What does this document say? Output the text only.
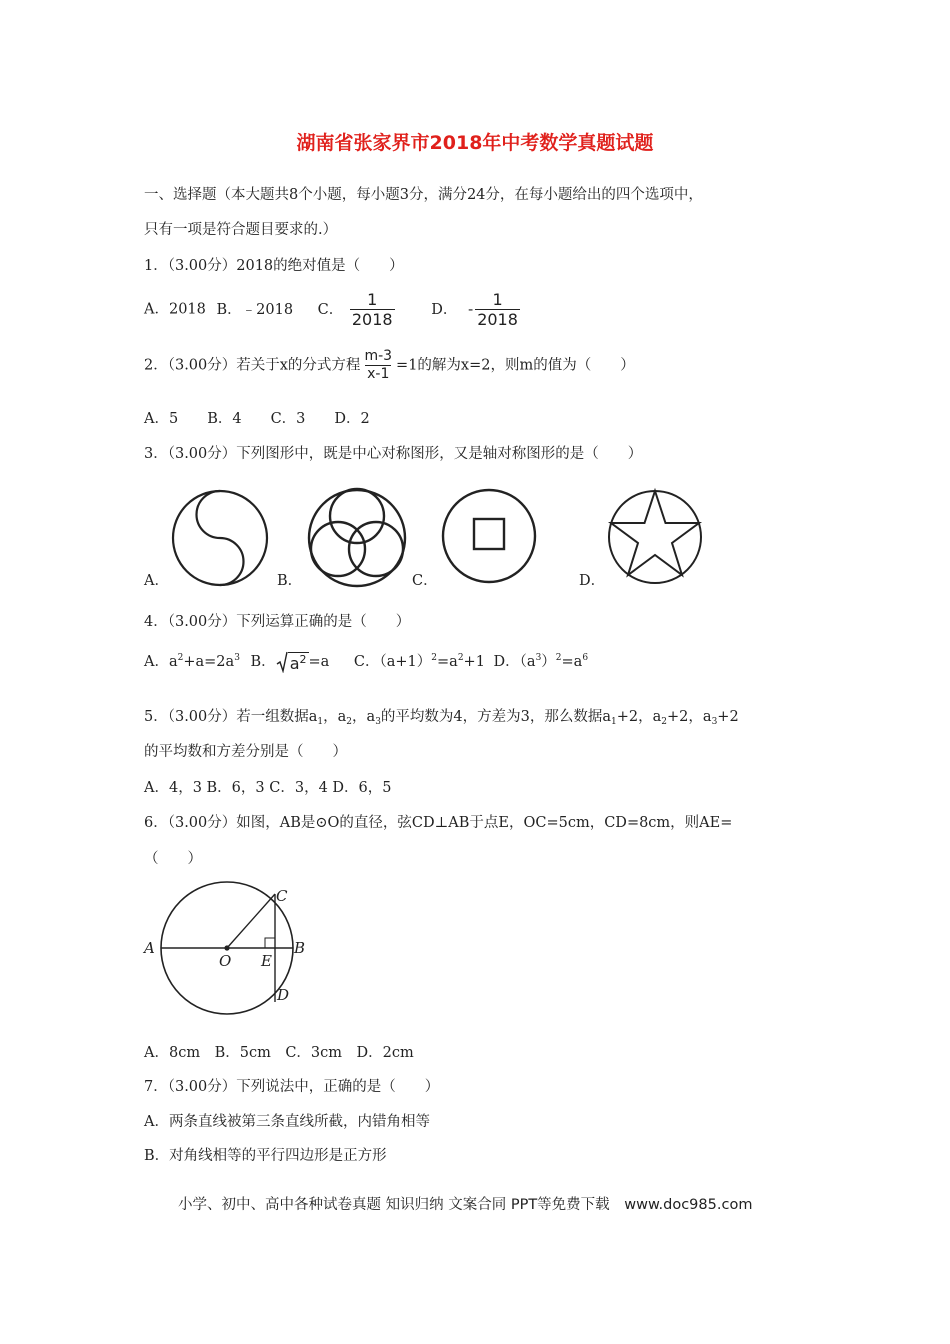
湖南省张家界市2018年中考数学真题试题
一、选择题（本大题共8个小题，每小题3分，满分24分，在每小题给出的四个选项中，
只有一项是符合题目要求的.）
1．（3.00分）2018的绝对值是（　　）
A．2018 B．﹣2018 C． $\frac{1}{2018}$	D． - $\frac{1}{2018}$
2．（3.00分）若关于x的分式方程 $\frac{m-3}{x-1} =1$的解为x=2，则m的值为（　　）
A．5　　B．4　　C．3　　D．2
3．（3.00分）下列图形中，既是中心对称图形，又是轴对称图形的是（　　）
A．	B．	C．	D．
4．（3.00分）下列运算正确的是（　　）
A．$a^2+a=2a^3$ B． $a^2 =a$ C．$(a+1)^2=a^2+1$ D．$(a^3)^2=a^6$
5．（3.00分）若一组数据$a_1$，$a_2$，$a_3$的平均数为4，方差为3，那么数据$a_1+2$，$a_2+2$，$a_3+2$
的平均数和方差分别是（　　）
A．4，3 B．6，3 C．3，4 D．6，5
6．（3.00分）如图，AB是⊙O的直径，弦CD⊥AB于点E，OC=5cm，CD=8cm，则AE=
（　　）
A	B
C
D
E
O
A．8cm　B．5cm　C．3cm　D．2cm
7．（3.00分）下列说法中，正确的是（　　）
A．两条直线被第三条直线所截，内错角相等
B．对角线相等的平行四边形是正方形
小学、初中、高中各种试卷真题 知识归纳 文案合同 PPT等免费下载 www.doc985.com
